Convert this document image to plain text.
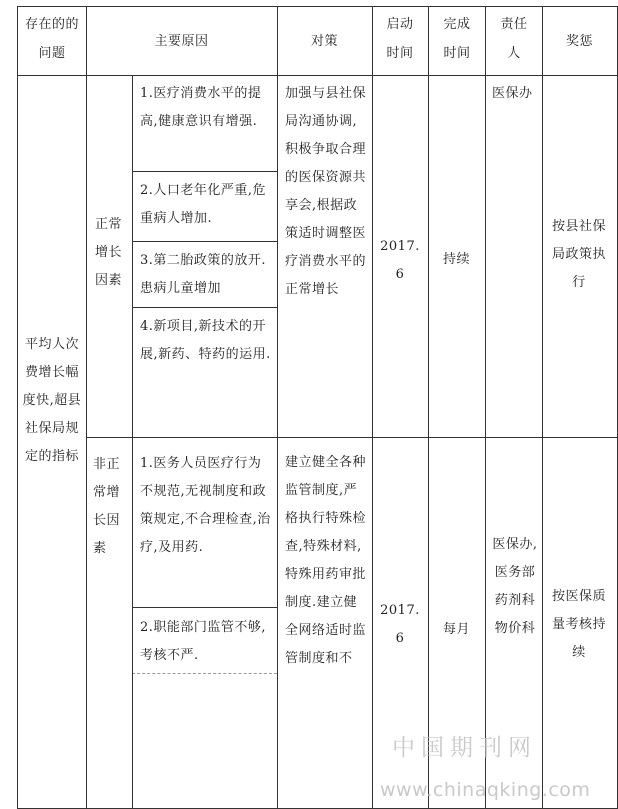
存在的的问题
主要原因	对策
启动时间
完成时间
责任人
奖惩
平均人次费增长幅度快,超县社保局规定的指标
正常增长因素
1.医疗消费水平的提高,健康意识有增强.
2.人口老年化严重,危重病人增加.
3.第二胎政策的放开.患病儿童增加
4.新项目,新技术的开展,新药、特药的运用.
加强与县社保局沟通协调,积极争取合理的医保资源共享会,根据政策适时调整医疗消费水平的正常增长
2017.6
持续
医保办
按县社保局政策执行
非正常增长因素
1.医务人员医疗行为不规范,无视制度和政策规定,不合理检查,治疗,及用药.
2.职能部门监管不够,考核不严.
建立健全各种监管制度,严格执行特殊检查,特殊材料,特殊用药审批制度.建立健全网络适时监管制度和不
2017.6
每月
医保办,医务部药剂科物价科
按医保质量考核持续
中国期刊网
www.chinaqking.com
